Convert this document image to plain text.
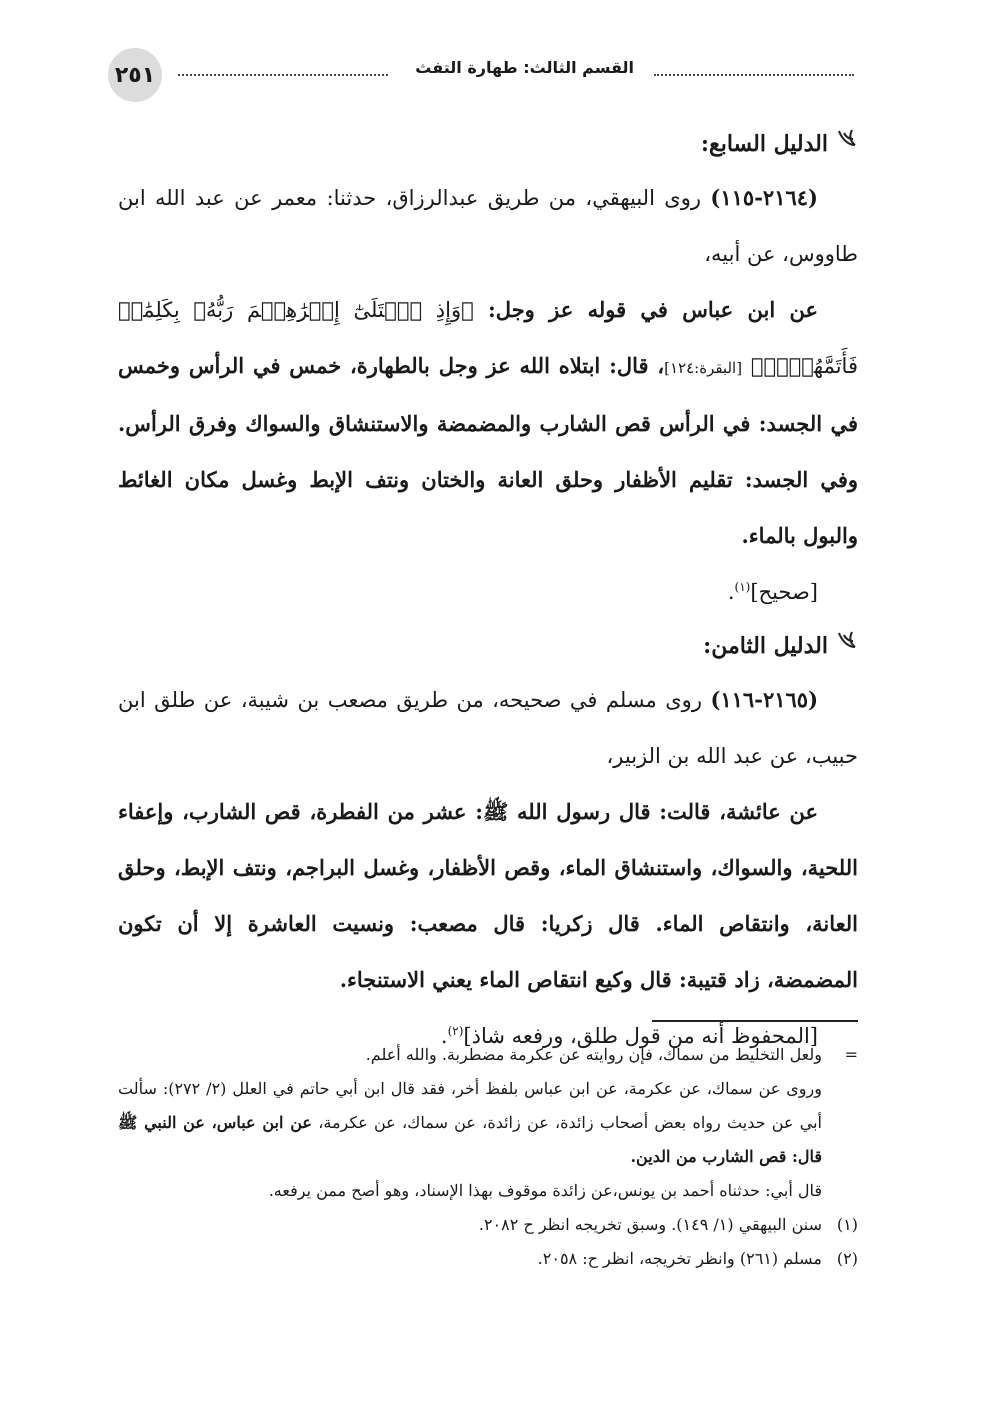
القسم الثالث: طهارة التفث
٢٥١
الدليل السابع:

(٢١٦٤-١١٥) روى البيهقي، من طريق عبدالرزاق، حدثنا: معمر عن عبد الله ابن طاووس، عن أبيه،

عن ابن عباس في قوله عز وجل: ﴿وَإِذِ ٱبۡتَلَىٰٓ إِبۡرَٰهِـۧمَ رَبُّهُۥ بِكَلِمَٰتٖ فَأَتَمَّهُنَّۖ﴾ [البقرة:١٢٤]، قال: ابتلاه الله عز وجل بالطهارة، خمس في الرأس وخمس في الجسد: في الرأس قص الشارب والمضمضة والاستنشاق والسواك وفرق الرأس. وفي الجسد: تقليم الأظفار وحلق العانة والختان ونتف الإبط وغسل مكان الغائط والبول بالماء.

[صحيح]$^{(١)}$.

الدليل الثامن:

(٢١٦٥-١١٦) روى مسلم في صحيحه، من طريق مصعب بن شيبة، عن طلق ابن حبيب، عن عبد الله بن الزبير،

عن عائشة، قالت: قال رسول الله ﷺ: عشر من الفطرة، قص الشارب، وإعفاء اللحية، والسواك، واستنشاق الماء، وقص الأظفار، وغسل البراجم، ونتف الإبط، وحلق العانة، وانتقاص الماء. قال زكريا: قال مصعب: ونسيت العاشرة إلا أن تكون المضمضة، زاد قتيبة: قال وكيع انتقاص الماء يعني الاستنجاء.

[المحفوظ أنه من قول طلق، ورفعه شاذ]$^{(٢)}$.

=

ولعل التخليط من سماك، فإن روايته عن عكرمة مضطربة. والله أعلم.

وروى عن سماك، عن عكرمة، عن ابن عباس بلفظ أخر، فقد قال ابن أبي حاتم في العلل (٢/ ٢٧٢): سألت أبي عن حديث رواه بعض أصحاب زائدة، عن زائدة، عن سماك، عن عكرمة، عن ابن عباس، عن النبي ﷺ قال: قص الشارب من الدين.

قال أبي: حدثناه أحمد بن يونس،عن زائدة موقوف بهذا الإسناد، وهو أصح ممن يرفعه.

(١)

سنن البيهقي (١/ ١٤٩). وسبق تخريجه انظر ح ٢٠٨٢.

(٢)

مسلم (٢٦١) وانظر تخريجه، انظر ح: ٢٠٥٨.
